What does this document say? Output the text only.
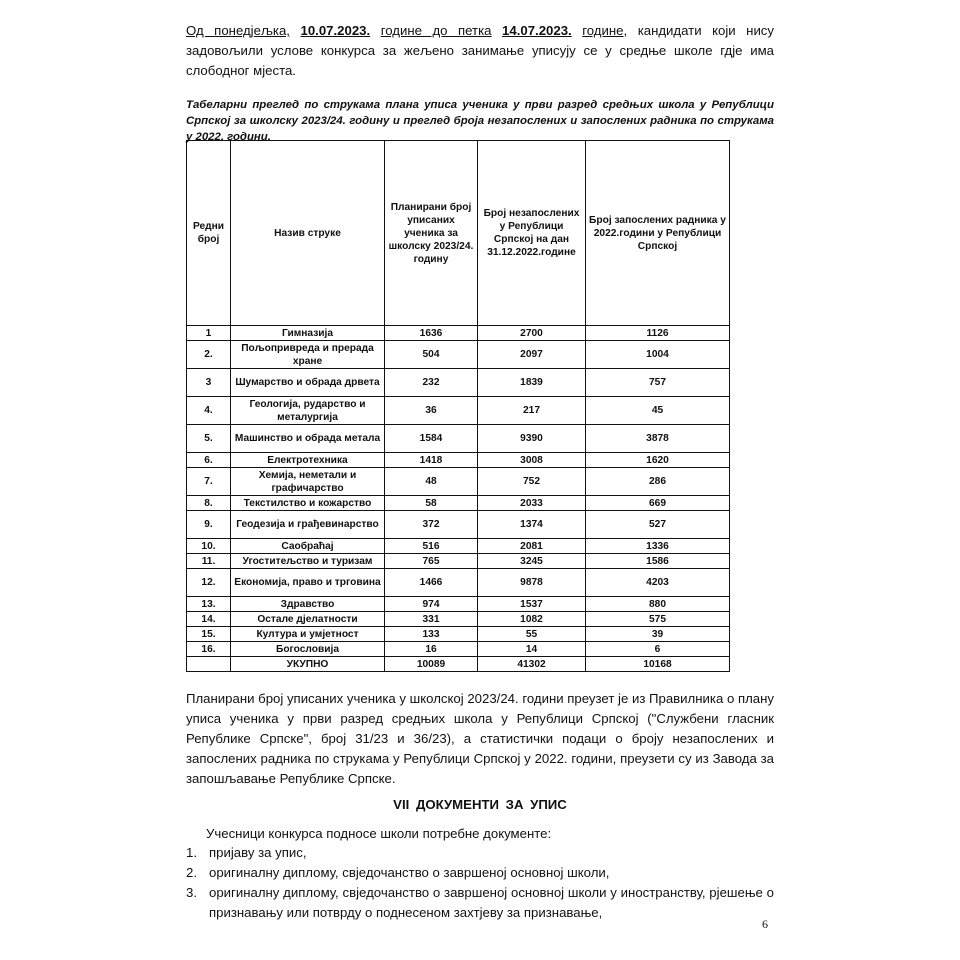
Од понедјељка, 10.07.2023. године до петка 14.07.2023. године, кандидати који нису задовољили услове конкурса за жељено занимање уписују се у средње школе гдје има слободног мјеста.

Табеларни преглед по струкама плана уписа ученика у први разред средњих школа у Републици Српској за школску 2023/24. годину и преглед броја незапослених и запослених радника по струкама у 2022. години.

Редни број	Назив струке	Планирани број уписаних ученика за школску 2023/24. годину	Број незапослених у Републици Српској на дан 31.12.2022.године	Број запослених радника у 2022.години у Републици Српској
1	Гимназија	1636	2700	1126
2.	Пољопривреда и прерада хране	504	2097	1004
3	Шумарство и обрада дрвета	232	1839	757
4.	Геологија, рударство и металургија	36	217	45
5.	Машинство и обрада метала	1584	9390	3878
6.	Електротехника	1418	3008	1620
7.	Хемија, неметали и графичарство	48	752	286
8.	Текстилство и кожарство	58	2033	669
9.	Геодезија и грађевинарство	372	1374	527
10.	Саобраћај	516	2081	1336
11.	Угоститељство и туризам	765	3245	1586
12.	Економија, право и трговина	1466	9878	4203
13.	Здравство	974	1537	880
14.	Остале дјелатности	331	1082	575
15.	Култура и умјетност	133	55	39
16.	Богословија	16	14	6
	УКУПНО	10089	41302	10168

Планирани број уписаних ученика у школској 2023/24. години преузет је из Правилника о плану уписа ученика у први разред средњих школа у Републици Српској ("Службени гласник Републике Српске", број 31/23 и 36/23), а статистички подаци о броју незапослених и запослених радника по струкама у Републици Српској у 2022. години, преузети су из Завода за запошљавање Републике Српске.

VII ДОКУМЕНТИ ЗА УПИС
Учесници конкурса подносе школи потребне документе:
1. пријаву за упис,
2. оригиналну диплому, свједочанство о завршеној основној школи,
3. оригиналну диплому, свједочанство о завршеној основној школи у иностранству, рјешење о признавању или потврду о поднесеном захтјеву за признавање,
6
